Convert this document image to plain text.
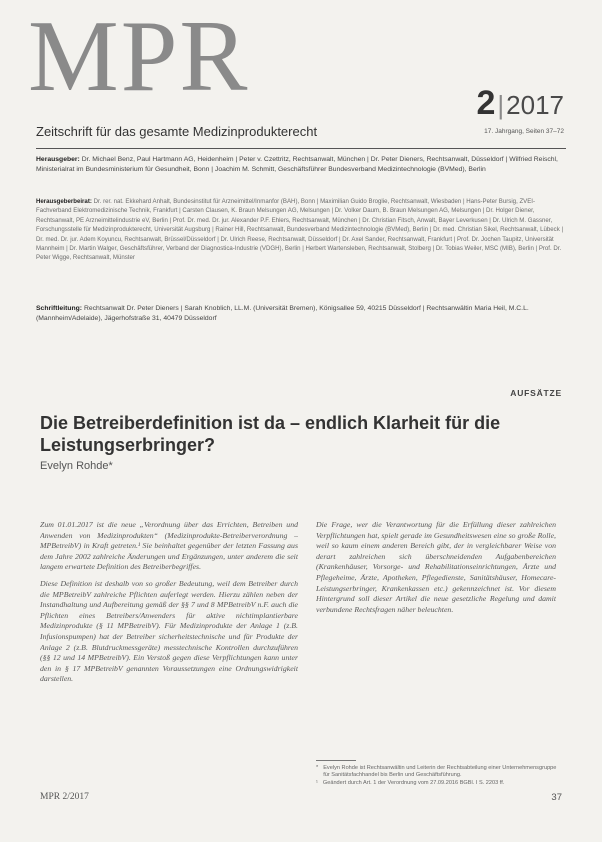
MPR	2|2017
Zeitschrift für das gesamte Medizinprodukterecht	17. Jahrgang, Seiten 37–72
Herausgeber: Dr. Michael Benz, Paul Hartmann AG, Heidenheim | Peter v. Czettritz, Rechtsanwalt, München | Dr. Peter Dieners, Rechtsanwalt, Düsseldorf | Wilfried Reischl, Ministerialrat im Bundesministerium für Gesundheit, Bonn | Joachim M. Schmitt, Geschäftsführer Bundesverband Medizintechnologie (BVMed), Berlin
Herausgeberbeirat: Dr. rer. nat. Ekkehard Anhalt, Bundesinstitut für Arzneimittel/Inmanfor (BAH), Bonn | Maximilian Guido Broglie, Rechtsanwalt, Wiesbaden | Hans-Peter Bursig, ZVEI-Fachverband Elektromedizinische Technik, Frankfurt | Carsten Clausen, K. Braun Melsungen AG, Melsungen | Dr. Volker Daum, B. Braun Melsungen AG, Melsungen | Dr. Holger Diener, Rechtsanwalt, PE Arzneimittelindustrie eV, Berlin | Prof. Dr. med. Dr. jur. Alexander P.F. Ehlers, Rechtsanwalt, München | Dr. Christian Fitsch, Anwalt, Bayer Leverkusen | Dr. Ulrich M. Gassner, Forschungsstelle für Medizinprodukterecht, Universität Augsburg | Rainer Hill, Rechtsanwalt, Bundesverband Medizintechnologie (BVMed), Berlin | Dr. med. Christian Sikel, Rechtsanwalt, Lübeck | Dr. med. Dr. jur. Adem Koyuncu, Rechtsanwalt, Brüssel/Düsseldorf | Dr. Ulrich Reese, Rechtsanwalt, Düsseldorf | Dr. Axel Sander, Rechtsanwalt, Frankfurt | Prof. Dr. Jochen Taupitz, Universität Mannheim | Dr. Martin Walger, Geschäftsführer, Verband der Diagnostica-Industrie (VDGH), Berlin | Herbert Wartensleben, Rechtsanwalt, Stolberg | Dr. Tobias Weiler, MSC (MIB), Berlin | Prof. Dr. Peter Wigge, Rechtsanwalt, Münster
Schriftleitung: Rechtsanwalt Dr. Peter Dieners | Sarah Knoblich, LL.M. (Universität Bremen), Königsallee 59, 40215 Düsseldorf | Rechtsanwältin Maria Heil, M.C.L. (Mannheim/Adelaide), Jägerhofstraße 31, 40479 Düsseldorf
AUFSÄTZE
Die Betreiberdefinition ist da – endlich Klarheit für die Leistungserbringer?
Evelyn Rohde*

Zum 01.01.2017 ist die neue „Verordnung über das Errichten, Betreiben und Anwenden von Medizinprodukten“ (Medizinprodukte-Betreiberverordnung – MPBetreibV) in Kraft getreten.¹ Sie beinhaltet gegenüber der letzten Fassung aus dem Jahre 2002 zahlreiche Änderungen und Ergänzungen, unter anderem die seit langem erwartete Definition des Betreiberbegriffes.

Diese Definition ist deshalb von so großer Bedeutung, weil dem Betreiber durch die MPBetreibV zahlreiche Pflichten auferlegt werden. Hierzu zählen neben der Instandhaltung und Aufbereitung gemäß der §§ 7 und 8 MPBetreibV n.F. auch die Pflichten eines Betreibers/Anwenders für aktive nichtimplantierbare Medizinprodukte (§ 11 MPBetreibV). Für Medizinprodukte der Anlage 1 (z.B. Infusionspumpen) hat der Betreiber sicherheitstechnische und für Produkte der Anlage 2 (z.B. Blutdruckmessgeräte) messtechnische Kontrollen durchzuführen (§§ 12 und 14 MPBetreibV). Ein Verstoß gegen diese Verpflichtungen kann unter den in § 17 MPBetreibV genannten Voraussetzungen eine Ordnungswidrigkeit darstellen.

Die Frage, wer die Verantwortung für die Erfüllung dieser zahlreichen Verpflichtungen hat, spielt gerade im Gesundheitswesen eine so große Rolle, weil so kaum einem anderen Bereich gibt, der in vergleichbarer Weise von derart zahlreichen sich überschneidenden Aufgabenbereichen (Krankenhäuser, Vorsorge- und Rehabilitationseinrichtungen, Ärzte und Pflegeheime, Ärzte, Apotheken, Pflegedienste, Sanitätshäuser, Homecare-Leistungserbringer, Krankenkassen etc.) gekennzeichnet ist. Vor diesem Hintergrund soll dieser Artikel die neue gesetzliche Regelung und damit verbundene Rechtsfragen näher beleuchten.

* Evelyn Rohde ist Rechtsanwältin und Leiterin der Rechtsabteilung einer Unternehmensgruppe für Sanitätsfachhandel bis Berlin und Geschäftsführung.
¹ Geändert durch Art. 1 der Verordnung vom 27.09.2016 BGBl. I S. 2203 ff.
MPR 2/2017	37
